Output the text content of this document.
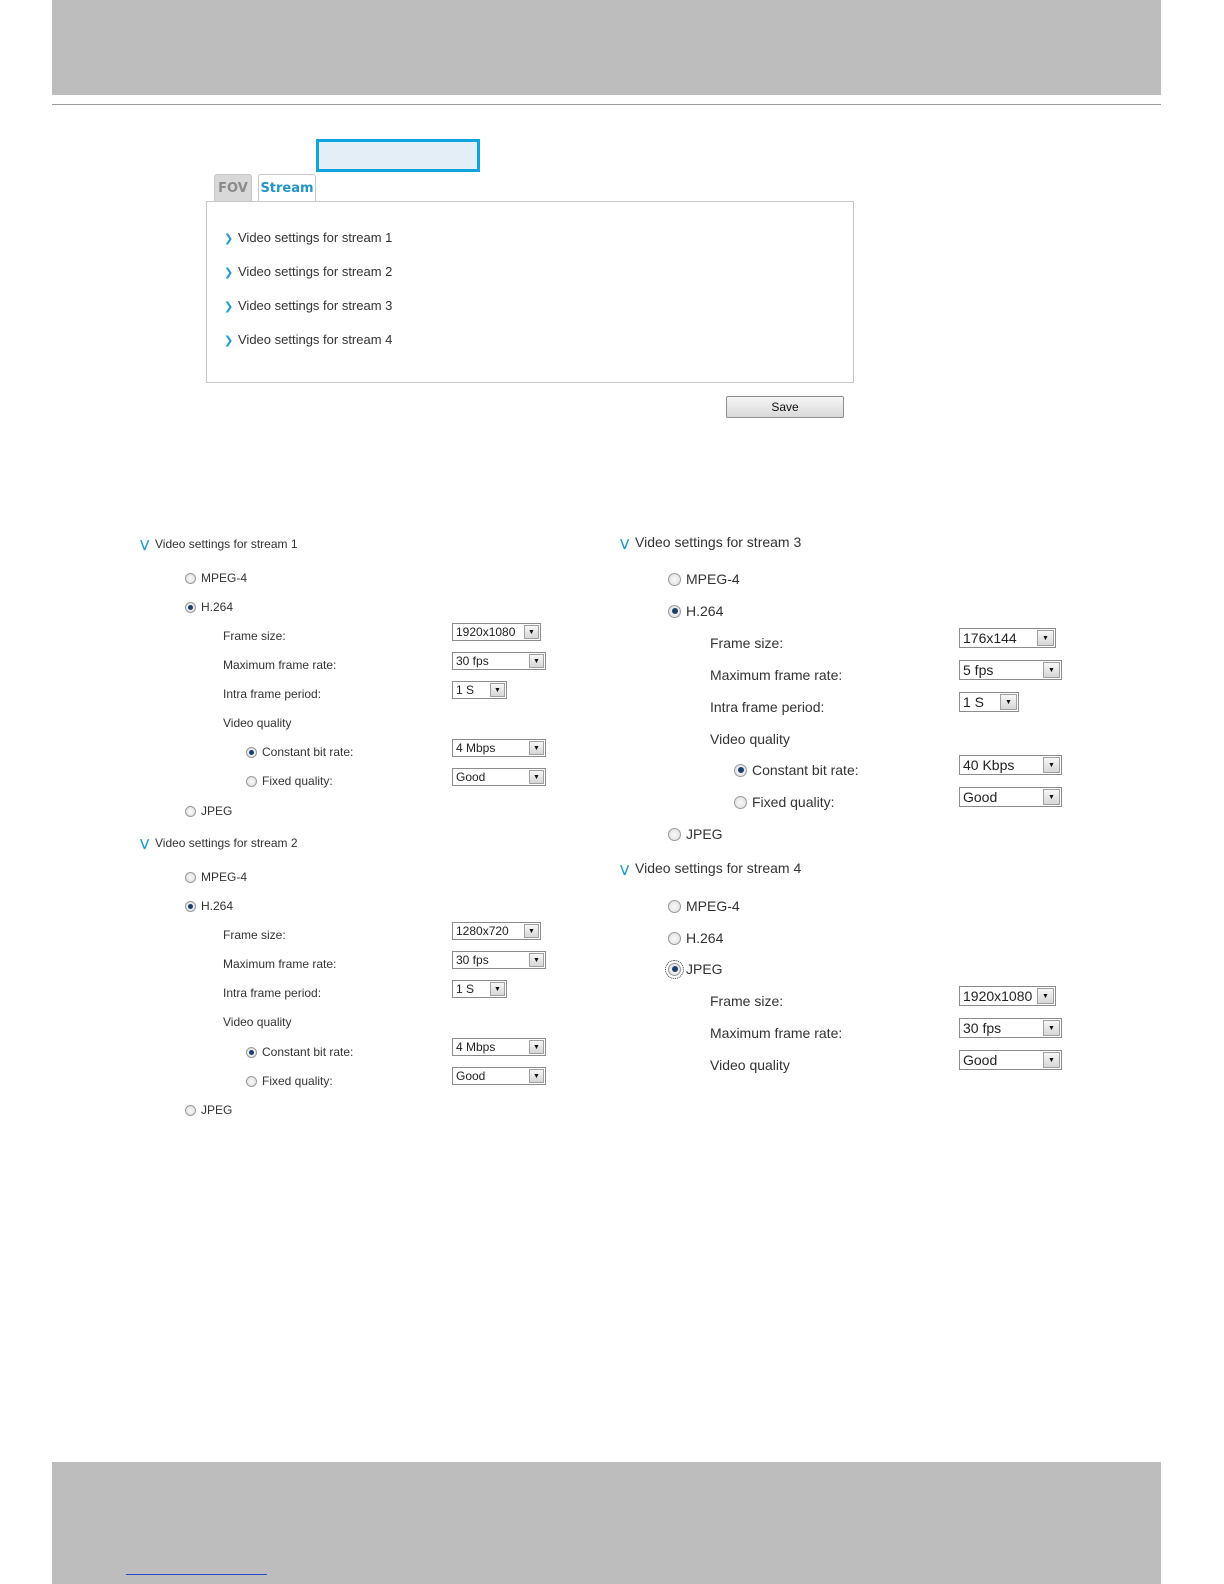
FOV Stream
❯ Video settings for stream 1
❯ Video settings for stream 2
❯ Video settings for stream 3
❯ Video settings for stream 4
Save
⋁ Video settings for stream 1
MPEG-4
H.264
Frame size:	1920x1080	▼
Maximum frame rate:	30 fps	▼
Intra frame period:	1 S	▼
Video quality
Constant bit rate:	4 Mbps	▼
Fixed quality:	Good	▼
JPEG
⋁ Video settings for stream 2
MPEG-4
H.264
Frame size:	1280x720	▼
Maximum frame rate:	30 fps	▼
Intra frame period:	1 S	▼
Video quality
Constant bit rate:	4 Mbps	▼
Fixed quality:	Good	▼
JPEG
⋁ Video settings for stream 3
MPEG-4
H.264
Frame size:	176x144	▼
Maximum frame rate:	5 fps	▼
Intra frame period:	1 S	▼
Video quality
Constant bit rate:	40 Kbps	▼
Fixed quality:	Good	▼
JPEG
⋁ Video settings for stream 4
MPEG-4
H.264
JPEG
Frame size:	1920x1080	▼
Maximum frame rate:	30 fps	▼
Video quality	Good	▼
